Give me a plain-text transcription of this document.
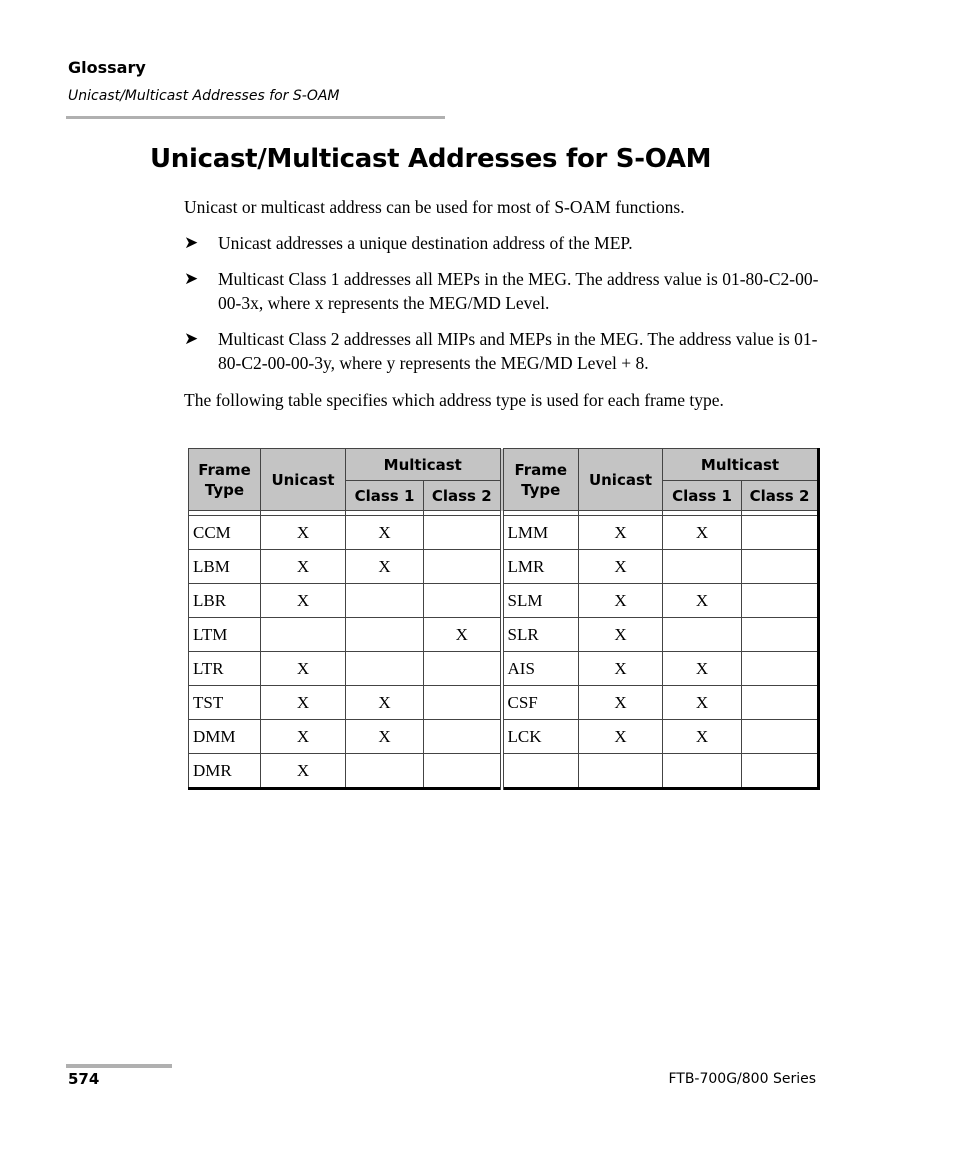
Glossary
Unicast/Multicast Addresses for S-OAM
Unicast/Multicast Addresses for S-OAM
Unicast or multicast address can be used for most of S-OAM functions.
➤ Unicast addresses a unique destination address of the MEP.
➤ Multicast Class 1 addresses all MEPs in the MEG. The address value is 01-80-C2-00-00-3x, where x represents the MEG/MD Level.
➤ Multicast Class 2 addresses all MIPs and MEPs in the MEG. The address value is 01-80-C2-00-00-3y, where y represents the MEG/MD Level + 8.
The following table specifies which address type is used for each frame type.
Frame Type	Unicast	Multicast		Frame Type	Unicast	Multicast	
		Class 1	Class 2			Class 1	Class 2

CCM	X	X		LMM	X	X	
LBM	X	X		LMR	X		
LBR	X			SLM	X	X	
LTM			X	SLR	X		
LTR	X			AIS	X	X	
TST	X	X		CSF	X	X	
DMM	X	X		LCK	X	X	
DMR	X						
574	FTB-700G/800 Series
